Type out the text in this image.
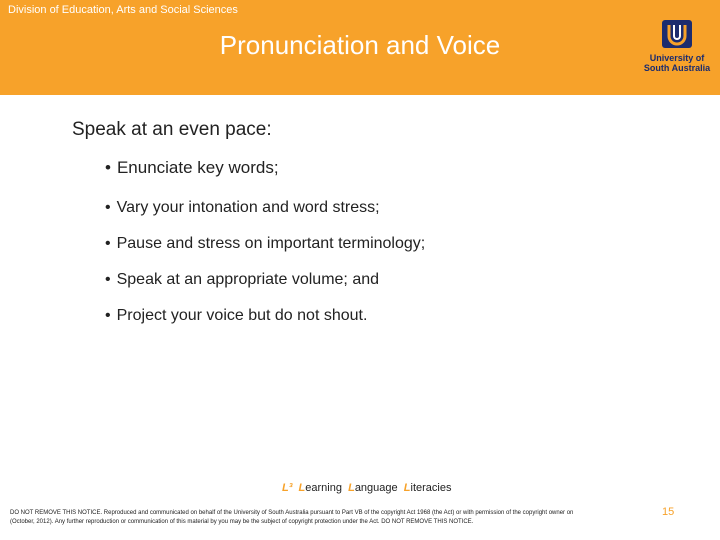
Division of Education, Arts and Social Sciences
Pronunciation and Voice	University of
South Australia
Speak at an even pace:
• Enunciate key words;
• Vary your intonation and word stress;
• Pause and stress on important terminology;
• Speak at an appropriate volume; and
• Project your voice but do not shout.
L³ Learning Language Literacies
DO NOT REMOVE THIS NOTICE. Reproduced and communicated on behalf of the University of South Australia pursuant to Part VB of the copyright Act 1968 (the Act) or with permission of the copyright owner on
(October, 2012). Any further reproduction or communication of this material by you may be the subject of copyright protection under the Act. DO NOT REMOVE THIS NOTICE.
15
